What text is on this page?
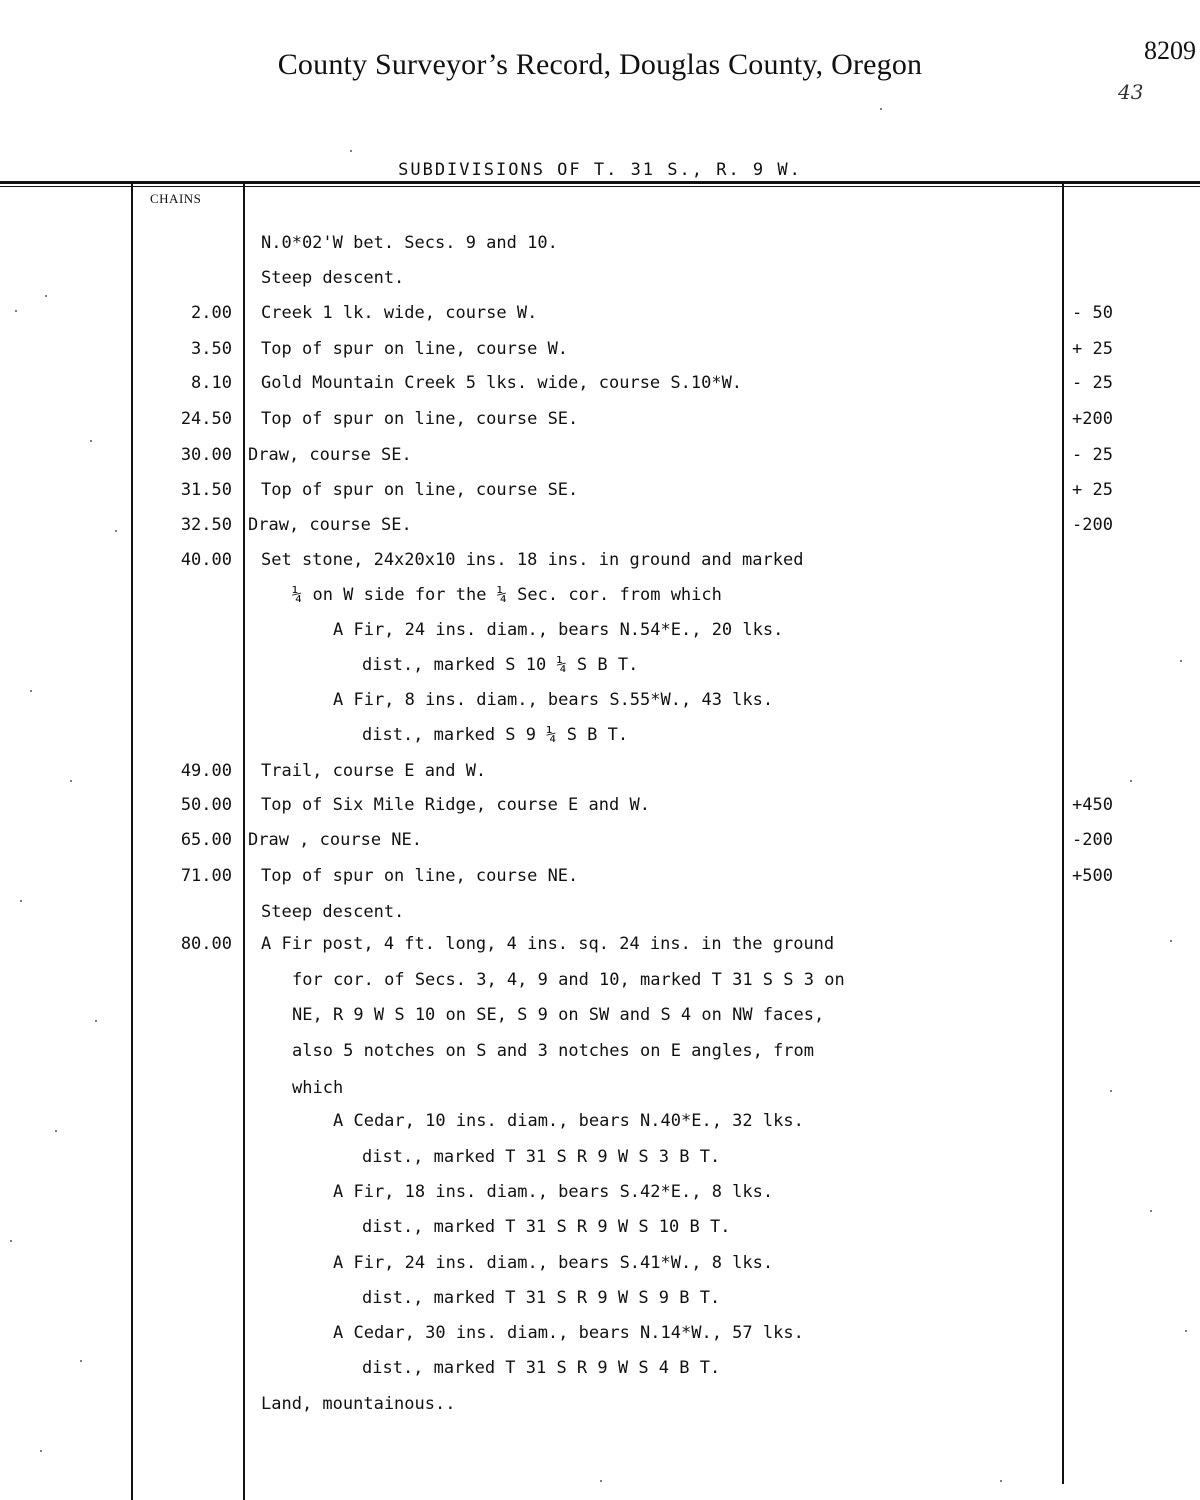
County Surveyor’s Record, Douglas County, Oregon	8209
43
SUBDIVISIONS OF T. 31 S., R. 9 W.
CHAINS
N.0*02'W bet. Secs. 9 and 10.
Steep descent.
2.00 Creek 1 lk. wide, course W.	- 50
3.50 Top of spur on line, course W.	+ 25
8.10 Gold Mountain Creek 5 lks. wide, course S.10*W.	- 25
24.50 Top of spur on line, course SE.	+200
30.00 Draw, course SE.	- 25
31.50 Top of spur on line, course SE.	+ 25
32.50 Draw, course SE.	-200
40.00 Set stone, 24x20x10 ins. 18 ins. in ground and marked
¼ on W side for the ¼ Sec. cor. from which
A Fir, 24 ins. diam., bears N.54*E., 20 lks.
dist., marked S 10 ¼ S B T.
A Fir, 8 ins. diam., bears S.55*W., 43 lks.
dist., marked S 9 ¼ S B T.
49.00 Trail, course E and W.
50.00 Top of Six Mile Ridge, course E and W.	+450
65.00 Draw , course NE.	-200
71.00 Top of spur on line, course NE.	+500
Steep descent.
80.00 A Fir post, 4 ft. long, 4 ins. sq. 24 ins. in the ground
for cor. of Secs. 3, 4, 9 and 10, marked T 31 S S 3 on
NE, R 9 W S 10 on SE, S 9 on SW and S 4 on NW faces,
also 5 notches on S and 3 notches on E angles, from
which
A Cedar, 10 ins. diam., bears N.40*E., 32 lks.
dist., marked T 31 S R 9 W S 3 B T.
A Fir, 18 ins. diam., bears S.42*E., 8 lks.
dist., marked T 31 S R 9 W S 10 B T.
A Fir, 24 ins. diam., bears S.41*W., 8 lks.
dist., marked T 31 S R 9 W S 9 B T.
A Cedar, 30 ins. diam., bears N.14*W., 57 lks.
dist., marked T 31 S R 9 W S 4 B T.
Land, mountainous..
